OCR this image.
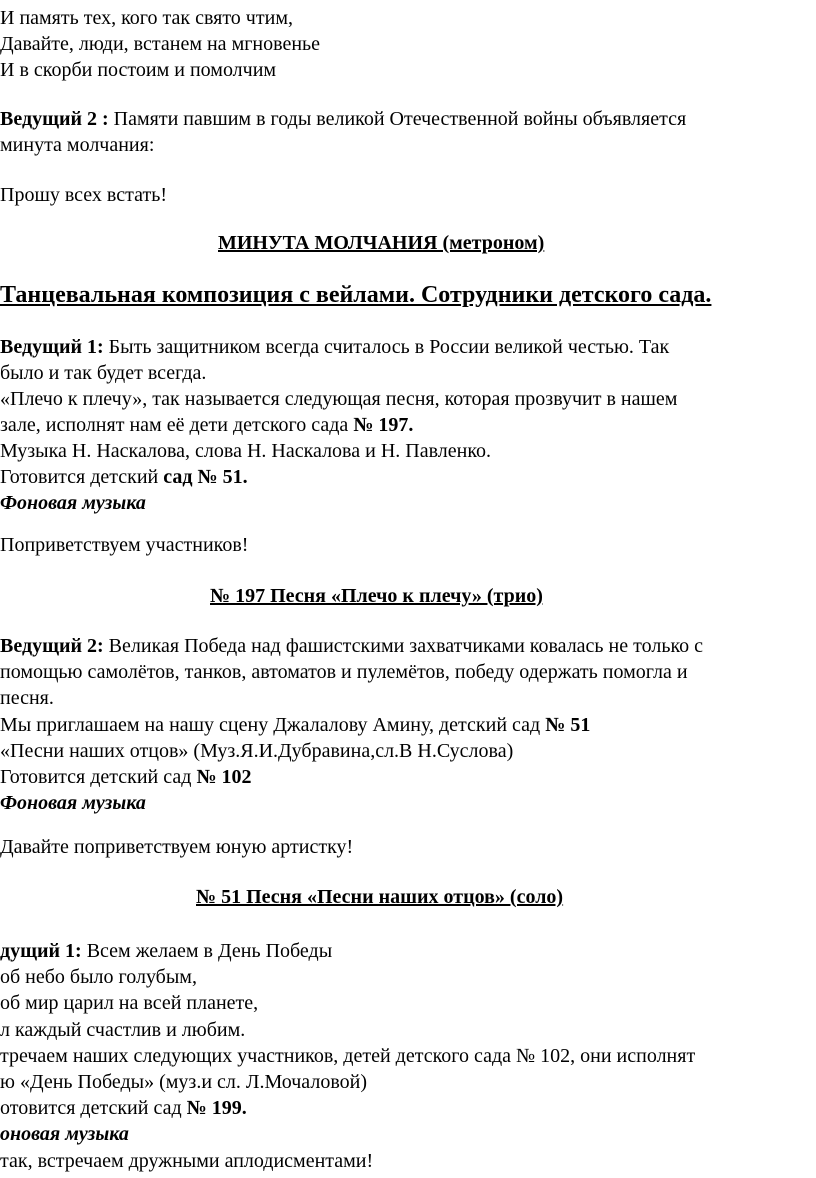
И память тех, кого так свято чтим,
Давайте, люди, встанем на мгновенье
И в скорби постоим и помолчим
Ведущий 2 : Памяти павшим в годы великой Отечественной войны объявляется
минута молчания:
Прошу всех встать!
МИНУТА МОЛЧАНИЯ (метроном)
Танцевальная композиция с вейлами. Сотрудники детского сада.
Ведущий 1: Быть защитником всегда считалось в России великой честью. Так
было и так будет всегда.
«Плечо к плечу», так называется следующая песня, которая прозвучит в нашем
зале, исполнят нам её дети детского сада № 197.
Музыка Н. Наскалова, слова Н. Наскалова и Н. Павленко.
Готовится детский сад № 51.
Фоновая музыка
Поприветствуем участников!
№ 197 Песня «Плечо к плечу» (трио)
Ведущий 2: Великая Победа над фашистскими захватчиками ковалась не только с
помощью самолётов, танков, автоматов и пулемётов, победу одержать помогла и
песня.
Мы приглашаем на нашу сцену Джалалову Амину, детский сад № 51
«Песни наших отцов» (Муз.Я.И.Дубравина,сл.В Н.Суслова)
Готовится детский сад № 102
Фоновая музыка
Давайте поприветствуем юную артистку!
№ 51 Песня «Песни наших отцов» (соло)
дущий 1: Всем желаем в День Победы
об небо было голубым,
об мир царил на всей планете,
л каждый счастлив и любим.
тречаем наших следующих участников, детей детского сада № 102, они исполнят
ю «День Победы» (муз.и сл. Л.Мочаловой)
отовится детский сад № 199.
оновая музыка
так, встречаем дружными аплодисментами!
